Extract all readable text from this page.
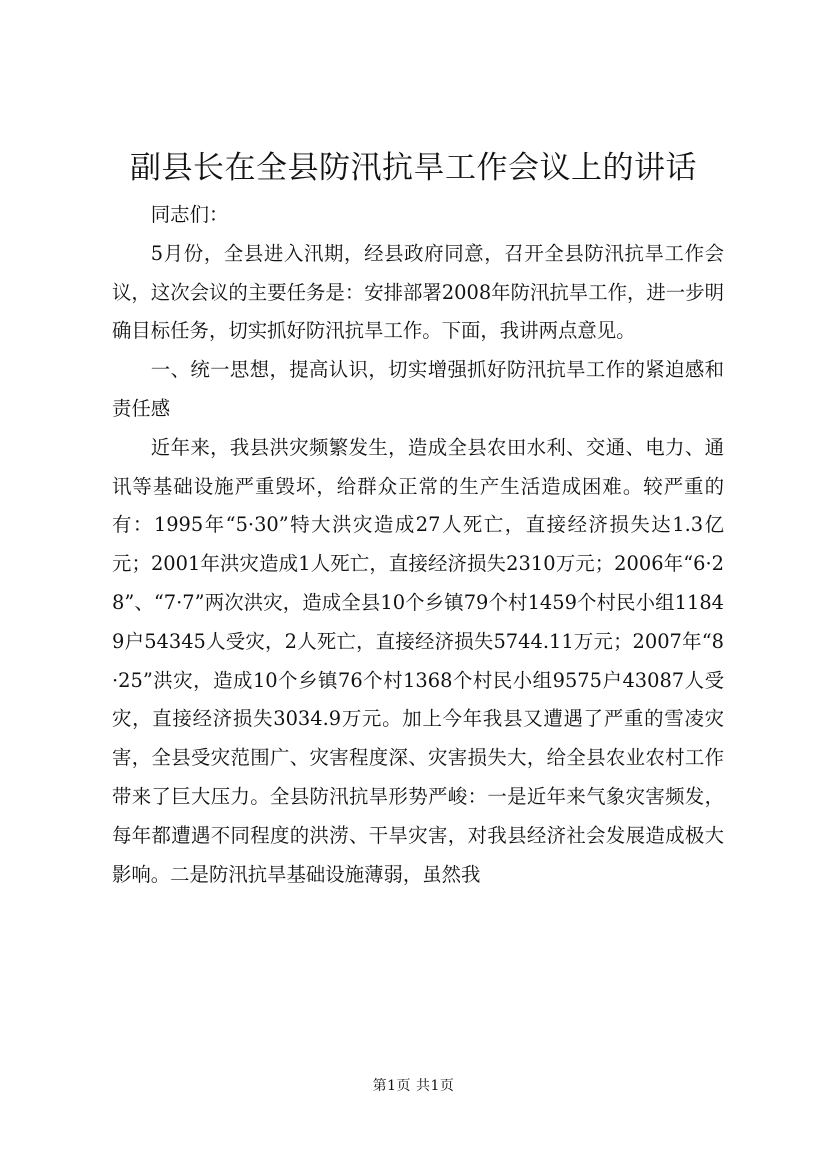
副县长在全县防汛抗旱工作会议上的讲话

同志们：

5月份，全县进入汛期，经县政府同意，召开全县防汛抗旱工作会议，这次会议的主要任务是：安排部署2008年防汛抗旱工作，进一步明确目标任务，切实抓好防汛抗旱工作。下面，我讲两点意见。

一、统一思想，提高认识，切实增强抓好防汛抗旱工作的紧迫感和责任感

近年来，我县洪灾频繁发生，造成全县农田水利、交通、电力、通讯等基础设施严重毁坏，给群众正常的生产生活造成困难。较严重的有：1995年“5·30”特大洪灾造成27人死亡，直接经济损失达1.3亿元；2001年洪灾造成1人死亡，直接经济损失2310万元；2006年“6·28”、“7·7”两次洪灾，造成全县10个乡镇79个村1459个村民小组11849户54345人受灾，2人死亡，直接经济损失5744.11万元；2007年“8·25”洪灾，造成10个乡镇76个村1368个村民小组9575户43087人受灾，直接经济损失3034.9万元。加上今年我县又遭遇了严重的雪凌灾害，全县受灾范围广、灾害程度深、灾害损失大，给全县农业农村工作带来了巨大压力。全县防汛抗旱形势严峻：一是近年来气象灾害频发，每年都遭遇不同程度的洪涝、干旱灾害，对我县经济社会发展造成极大影响。二是防汛抗旱基础设施薄弱，虽然我

第1页 共1页
